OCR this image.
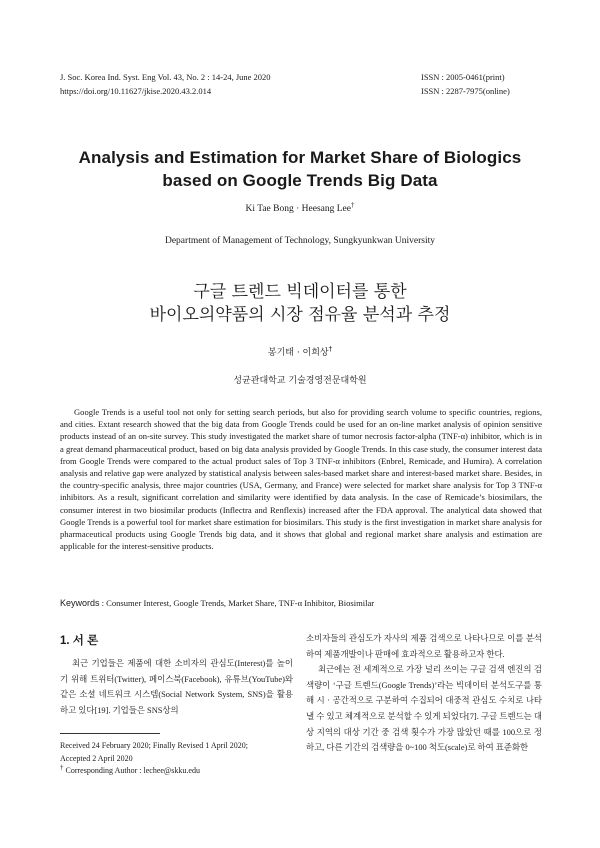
J. Soc. Korea Ind. Syst. Eng Vol. 43, No. 2 : 14-24, June 2020
https://doi.org/10.11627/jkise.2020.43.2.014
ISSN : 2005-0461(print)
ISSN : 2287-7975(online)
Analysis and Estimation for Market Share of Biologics
based on Google Trends Big Data
Ki Tae Bong · Heesang Lee†
Department of Management of Technology, Sungkyunkwan University
구글 트렌드 빅데이터를 통한
바이오의약품의 시장 점유율 분석과 추정
봉기태 · 이희상†
성균관대학교 기술경영전문대학원

Google Trends is a useful tool not only for setting search periods, but also for providing search volume to specific countries, regions, and cities. Extant research showed that the big data from Google Trends could be used for an on-line market analysis of opinion sensitive products instead of an on-site survey. This study investigated the market share of tumor necrosis factor-alpha (TNF-α) inhibitor, which is in a great demand pharmaceutical product, based on big data analysis provided by Google Trends. In this case study, the consumer interest data from Google Trends were compared to the actual product sales of Top 3 TNF-α inhibitors (Enbrel, Remicade, and Humira). A correlation analysis and relative gap were analyzed by statistical analysis between sales-based market share and interest-based market share. Besides, in the country-specific analysis, three major countries (USA, Germany, and France) were selected for market share analysis for Top 3 TNF-α inhibitors. As a result, significant correlation and similarity were identified by data analysis. In the case of Remicade’s biosimilars, the consumer interest in two biosimilar products (Inflectra and Renflexis) increased after the FDA approval. The analytical data showed that Google Trends is a powerful tool for market share estimation for biosimilars. This study is the first investigation in market share analysis for pharmaceutical products using Google Trends big data, and it shows that global and regional market share analysis and estimation are applicable for the interest-sensitive products.

Keywords : Consumer Interest, Google Trends, Market Share, TNF-α Inhibitor, Biosimilar
1. 서 론

최근 기업들은 제품에 대한 소비자의 관심도(Interest)를 높이기 위해 트위터(Twitter), 페이스북(Facebook), 유튜브(YouTube)와 같은 소셜 네트워크 시스템(Social Network System, SNS)을 활용하고 있다[19]. 기업들은 SNS상의

Received 24 February 2020; Finally Revised 1 April 2020;
Accepted 2 April 2020
† Corresponding Author : lechee@skku.edu

소비자들의 관심도가 자사의 제품 검색으로 나타나므로 이를 분석하여 제품개발이나 판매에 효과적으로 활용하고자 한다.

최근에는 전 세계적으로 가장 널리 쓰이는 구글 검색 엔진의 검색량이 ‘구글 트렌드(Google Trends)’라는 빅데이터 분석도구를 통해 시 · 공간적으로 구분하여 수집되어 대중적 관심도 수치로 나타낼 수 있고 체계적으로 분석할 수 있게 되었다[7]. 구글 트렌드는 대상 지역의 대상 기간 중 검색 횟수가 가장 많았던 때를 100으로 정하고, 다른 기간의 검색량을 0~100 척도(scale)로 하여 표준화한
